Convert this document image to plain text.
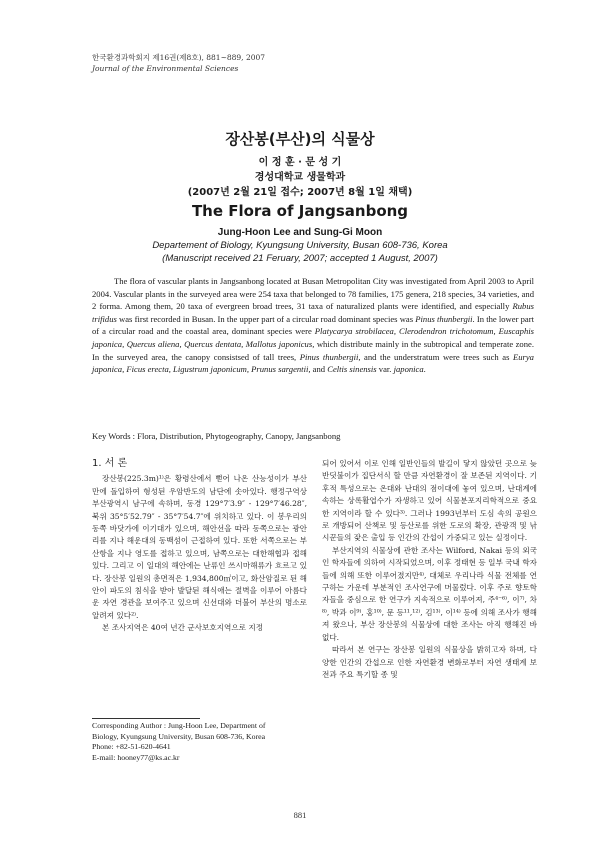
한국환경과학회지 제16권(제8호), 881~889, 2007
Journal of the Environmental Sciences
장산봉(부산)의 식물상
이 정 훈 · 문 성 기
경성대학교 생물학과
(2007년 2월 21일 접수; 2007년 8월 1일 채택)
The Flora of Jangsanbong
Jung-Hoon Lee and Sung-Gi Moon
Departement of Biology, Kyungsung University, Busan 608-736, Korea
(Manuscript received 21 Feruary, 2007; accepted 1 August, 2007)
The flora of vascular plants in Jangsanbong located at Busan Metropolitan City was investigated from April 2003 to April 2004. Vascular plants in the surveyed area were 254 taxa that belonged to 78 families, 175 genera, 218 species, 34 varieties, and 2 forma. Among them, 20 taxa of evergreen broad trees, 31 taxa of naturalized plants were identified, and especially Rubus trifidus was first recorded in Busan. In the upper part of a circular road dominant species was Pinus thunbergii. In the lower part of a circular road and the coastal area, dominant species were Platycarya strobilacea, Clerodendron trichotomum, Euscaphis japonica, Quercus aliena, Quercus dentata, Mallotus japonicus, which distribute mainly in the subtropical and temperate zone. In the surveyed area, the canopy consistsed of tall trees, Pinus thunbergii, and the understratum were trees such as Eurya japonica, Ficus erecta, Ligustrum japonicum, Prunus sargentii, and Celtis sinensis var. japonica.
Key Words : Flora, Distribution, Phytogeography, Canopy, Jangsanbong
1. 서 론

장산봉(225.3m)¹⁾은 황령산에서 뻗어 나온 산능성이가 부산만에 돌입하여 형성된 우암반도의 남단에 솟아있다. 행정구역상 부산광역시 남구에 속하며, 동경 129°7′3.9″ - 129°7′46.28″, 북위 35°5′52.79″ - 35°7′54.7″에 위치하고 있다. 이 봉우리의 동쪽 바닷가에 이기대가 있으며, 해안선을 따라 동쪽으로는 광안리를 지나 해운대의 동백섬이 근접하여 있다. 또한 서쪽으로는 부산항을 지나 영도를 접하고 있으며, 남쪽으로는 대한해협과 접해 있다. 그리고 이 일대의 해안에는 난류인 쓰시마해류가 흐르고 있다. 장산봉 일원의 총면적은 1,934,800㎡이고, 화산암질로 된 해안이 파도의 침식을 받아 발달된 해식애는 절벽을 이루어 아름다운 자연 경관을 보여주고 있으며 신선대와 더불어 부산의 명소로 알려져 있다²⁾.

본 조사지역은 40여 년간 군사보호지역으로 지정

되어 있어서 이로 인해 일반인들의 발길이 닿지 않았던 곳으로 늦반딧불이가 집단서식 할 만큼 자연환경이 잘 보존된 지역이다. 기후적 특성으로는 온대와 난대의 점이대에 놓여 있으며, 난대계에 속하는 상록활엽수가 자생하고 있어 식물분포지리학적으로 중요한 지역이라 할 수 있다³⁾. 그러나 1993년부터 도심 속의 공원으로 개방되어 산책로 및 등산로를 위한 도로의 확장, 관광객 및 낚시꾼들의 잦은 출입 등 인간의 간섭이 가중되고 있는 실정이다.

부산지역의 식물상에 관한 조사는 Wilford, Nakai 등의 외국인 학자들에 의하여 시작되었으며, 이후 정태현 등 일부 국내 학자들에 의해 또한 이루어졌지만⁴⁾, 대체로 우리나라 식물 전체를 연구하는 가운데 부분적인 조사연구에 머물렀다. 이후 주로 향토학자들을 중심으로 한 연구가 지속적으로 이루어져, 주⁴⁻⁶⁾, 이⁷⁾, 차⁸⁾, 박과 이⁹⁾, 홍¹⁰⁾, 문 등¹¹,¹²⁾, 김¹³⁾, 이¹⁴⁾ 등에 의해 조사가 행해져 왔으나, 부산 장산봉의 식물상에 대한 조사는 아직 행해진 바 없다.

따라서 본 연구는 장산봉 일원의 식물상을 밝히고자 하며, 다양한 인간의 간섭으로 인한 자연환경 변화로부터 자연 생태계 보전과 주요 특기할 종 및

Corresponding Author : Jung-Hoon Lee, Department of
Biology, Kyungsung University, Busan 608-736, Korea
Phone: +82-51-620-4641
E-mail: hooney77@ks.ac.kr
881
